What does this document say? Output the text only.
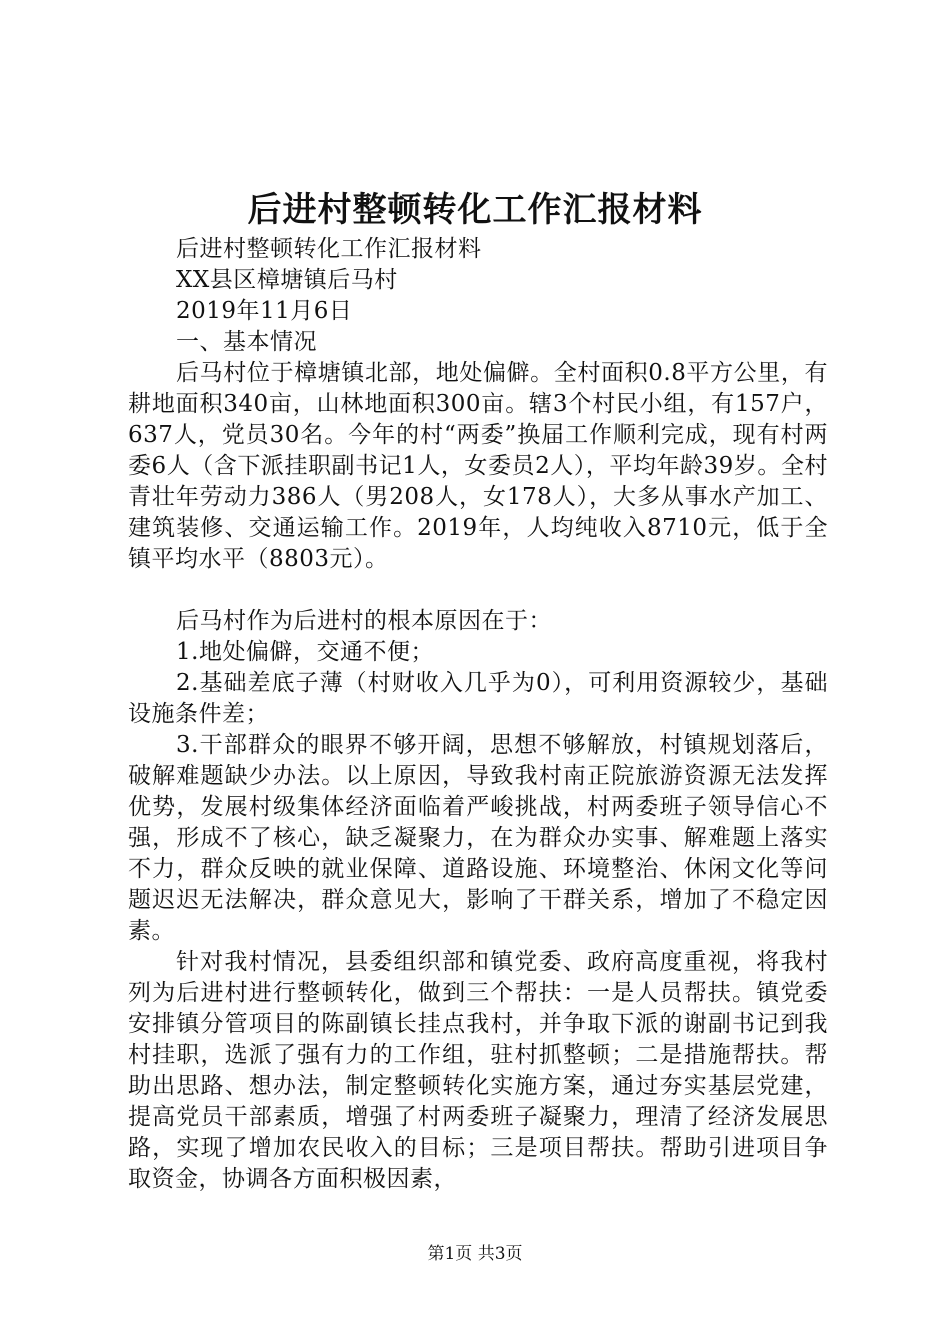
后进村整顿转化工作汇报材料

后进村整顿转化工作汇报材料

XX县区樟塘镇后马村

2019年11月6日

一、基本情况

后马村位于樟塘镇北部，地处偏僻。全村面积0.8平方公里，有耕地面积340亩，山林地面积300亩。辖3个村民小组，有157户，637人，党员30名。今年的村“两委”换届工作顺利完成，现有村两委6人（含下派挂职副书记1人，女委员2人），平均年龄39岁。全村青壮年劳动力386人（男208人，女178人），大多从事水产加工、建筑装修、交通运输工作。2019年，人均纯收入8710元，低于全镇平均水平（8803元）。

后马村作为后进村的根本原因在于：

1.地处偏僻，交通不便；

2.基础差底子薄（村财收入几乎为0），可利用资源较少，基础设施条件差；

3.干部群众的眼界不够开阔，思想不够解放，村镇规划落后，破解难题缺少办法。以上原因，导致我村南正院旅游资源无法发挥优势，发展村级集体经济面临着严峻挑战，村两委班子领导信心不强，形成不了核心，缺乏凝聚力，在为群众办实事、解难题上落实不力，群众反映的就业保障、道路设施、环境整治、休闲文化等问题迟迟无法解决，群众意见大，影响了干群关系，增加了不稳定因素。

针对我村情况，县委组织部和镇党委、政府高度重视，将我村列为后进村进行整顿转化，做到三个帮扶：一是人员帮扶。镇党委安排镇分管项目的陈副镇长挂点我村，并争取下派的谢副书记到我村挂职，选派了强有力的工作组，驻村抓整顿；二是措施帮扶。帮助出思路、想办法，制定整顿转化实施方案，通过夯实基层党建，提高党员干部素质，增强了村两委班子凝聚力，理清了经济发展思路，实现了增加农民收入的目标；三是项目帮扶。帮助引进项目争取资金，协调各方面积极因素，

第1页 共3页
